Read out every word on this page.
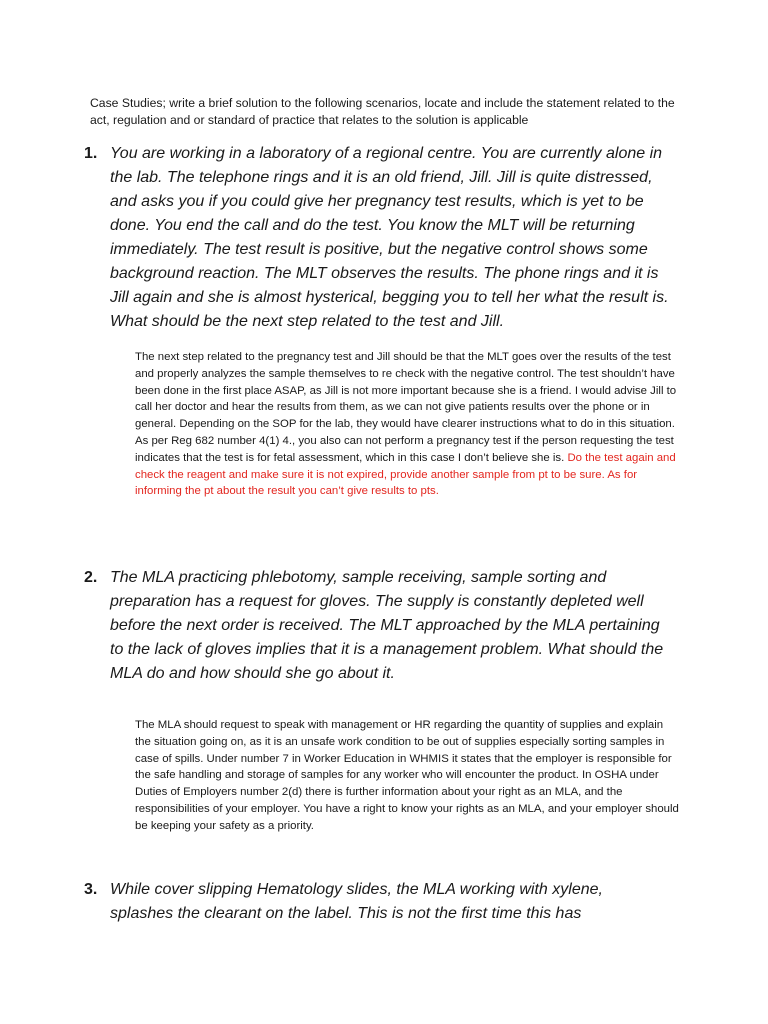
Case Studies; write a brief solution to the following scenarios, locate and include the statement related to the act, regulation and or standard of practice that relates to the solution is applicable

1. You are working in a laboratory of a regional centre. You are currently alone in the lab. The telephone rings and it is an old friend, Jill. Jill is quite distressed, and asks you if you could give her pregnancy test results, which is yet to be done. You end the call and do the test. You know the MLT will be returning immediately. The test result is positive, but the negative control shows some background reaction. The MLT observes the results. The phone rings and it is Jill again and she is almost hysterical, begging you to tell her what the result is. What should be the next step related to the test and Jill.

The next step related to the pregnancy test and Jill should be that the MLT goes over the results of the test and properly analyzes the sample themselves to re check with the negative control. The test shouldn’t have been done in the first place ASAP, as Jill is not more important because she is a friend. I would advise Jill to call her doctor and hear the results from them, as we can not give patients results over the phone or in general. Depending on the SOP for the lab, they would have clearer instructions what to do in this situation. As per Reg 682 number 4(1) 4., you also can not perform a pregnancy test if the person requesting the test indicates that the test is for fetal assessment, which in this case I don’t believe she is. Do the test again and check the reagent and make sure it is not expired, provide another sample from pt to be sure. As for informing the pt about the result you can’t give results to pts.

2. The MLA practicing phlebotomy, sample receiving, sample sorting and preparation has a request for gloves. The supply is constantly depleted well before the next order is received. The MLT approached by the MLA pertaining to the lack of gloves implies that it is a management problem. What should the MLA do and how should she go about it.

The MLA should request to speak with management or HR regarding the quantity of supplies and explain the situation going on, as it is an unsafe work condition to be out of supplies especially sorting samples in case of spills. Under number 7 in Worker Education in WHMIS it states that the employer is responsible for the safe handling and storage of samples for any worker who will encounter the product. In OSHA under Duties of Employers number 2(d) there is further information about your right as an MLA, and the responsibilities of your employer. You have a right to know your rights as an MLA, and your employer should be keeping your safety as a priority.

3. While cover slipping Hematology slides, the MLA working with xylene, splashes the clearant on the label. This is not the first time this has
